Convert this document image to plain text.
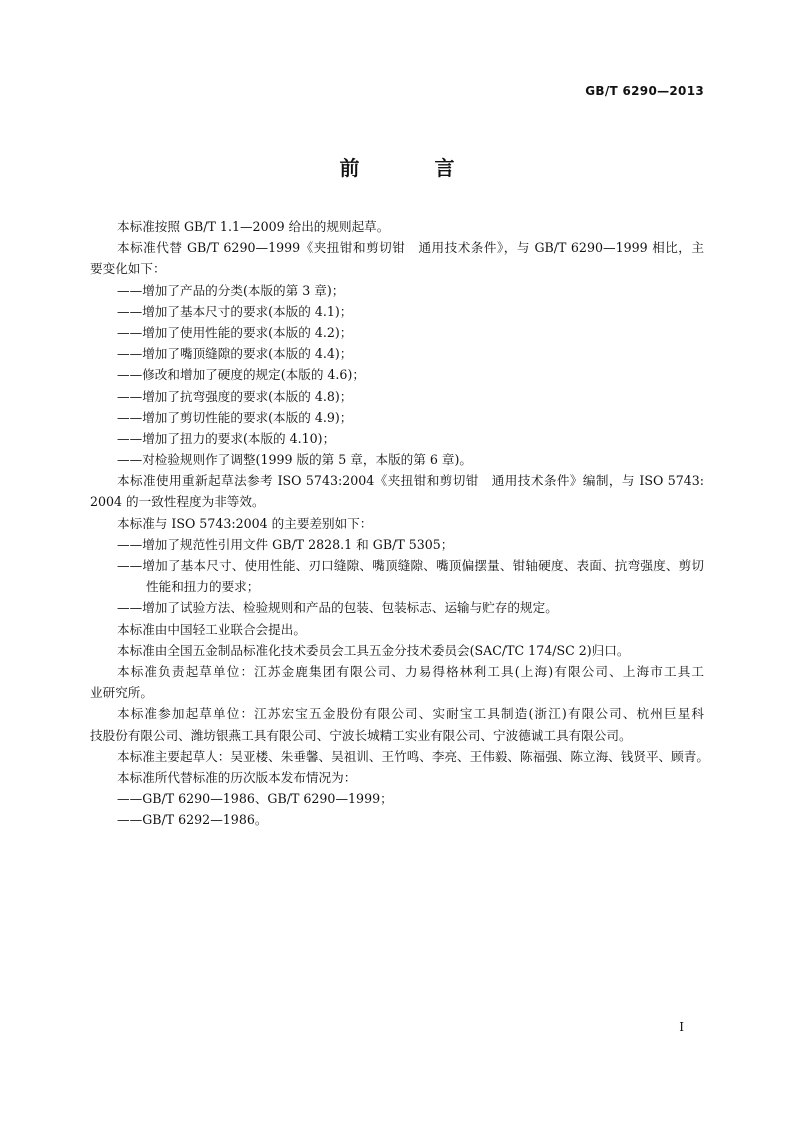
GB/T 6290—2013
前 言
本标准按照 GB/T 1.1—2009 给出的规则起草。
本标准代替 GB/T 6290—1999《夹扭钳和剪切钳　通用技术条件》，与 GB/T 6290—1999 相比，主
要变化如下：
——增加了产品的分类(本版的第 3 章)；
——增加了基本尺寸的要求(本版的 4.1)；
——增加了使用性能的要求(本版的 4.2)；
——增加了嘴顶缝隙的要求(本版的 4.4)；
——修改和增加了硬度的规定(本版的 4.6)；
——增加了抗弯强度的要求(本版的 4.8)；
——增加了剪切性能的要求(本版的 4.9)；
——增加了扭力的要求(本版的 4.10)；
——对检验规则作了调整(1999 版的第 5 章，本版的第 6 章)。
本标准使用重新起草法参考 ISO 5743:2004《夹扭钳和剪切钳　通用技术条件》编制，与 ISO 5743:
2004 的一致性程度为非等效。
本标准与 ISO 5743:2004 的主要差别如下：
——增加了规范性引用文件 GB/T 2828.1 和 GB/T 5305；
——增加了基本尺寸、使用性能、刃口缝隙、嘴顶缝隙、嘴顶偏摆量、钳轴硬度、表面、抗弯强度、剪切
性能和扭力的要求；
——增加了试验方法、检验规则和产品的包装、包装标志、运输与贮存的规定。
本标准由中国轻工业联合会提出。
本标准由全国五金制品标准化技术委员会工具五金分技术委员会(SAC/TC 174/SC 2)归口。
本标准负责起草单位：江苏金鹿集团有限公司、力易得格林利工具(上海)有限公司、上海市工具工
业研究所。
本标准参加起草单位：江苏宏宝五金股份有限公司、实耐宝工具制造(浙江)有限公司、杭州巨星科
技股份有限公司、潍坊银燕工具有限公司、宁波长城精工实业有限公司、宁波德诚工具有限公司。
本标准主要起草人：吴亚楼、朱垂馨、吴祖训、王竹鸣、李亮、王伟毅、陈福强、陈立海、钱贤平、顾青。
本标准所代替标准的历次版本发布情况为：
——GB/T 6290—1986、GB/T 6290—1999；
——GB/T 6292—1986。
I
